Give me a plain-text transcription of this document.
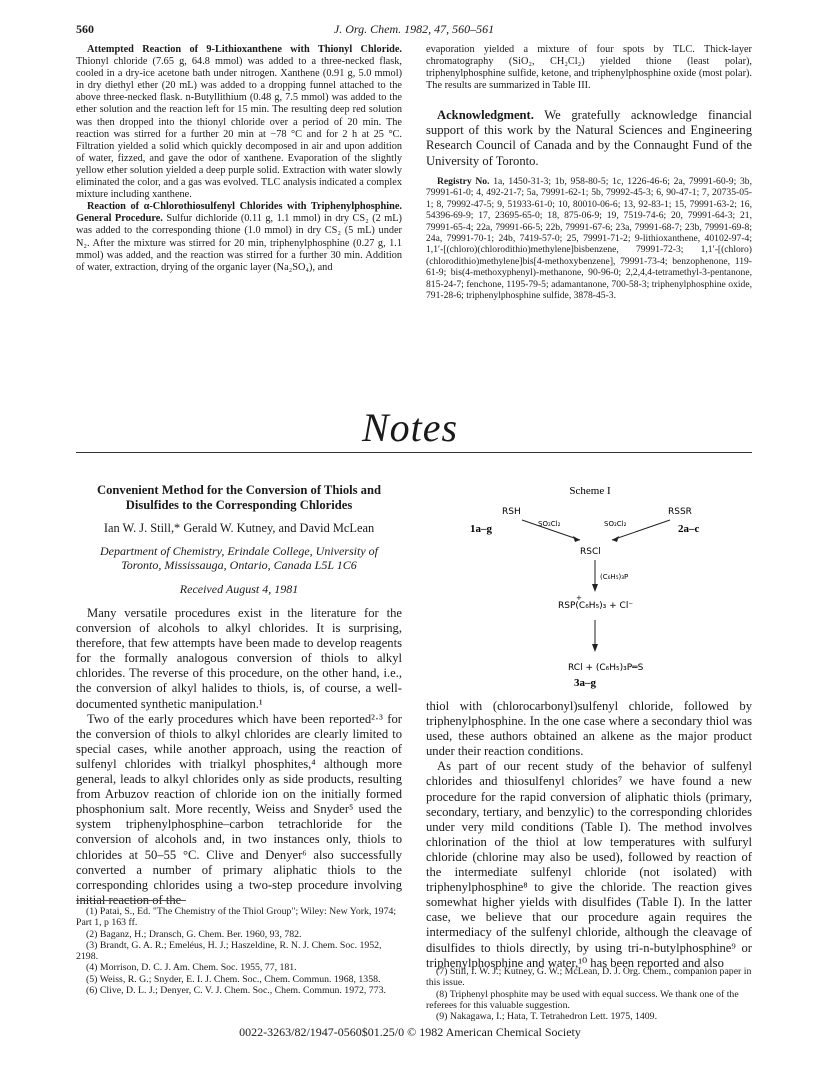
560	J. Org. Chem. 1982, 47, 560–561

Attempted Reaction of 9-Lithioxanthene with Thionyl Chloride. Thionyl chloride (7.65 g, 64.8 mmol) was added to a three-necked flask, cooled in a dry-ice acetone bath under nitrogen. Xanthene (0.91 g, 5.0 mmol) in dry diethyl ether (20 mL) was added to a dropping funnel attached to the above three-necked flask. n-Butyllithium (0.48 g, 7.5 mmol) was added to the ether solution and the reaction left for 15 min. The resulting deep red solution was then dropped into the thionyl chloride over a period of 20 min. The reaction was stirred for a further 20 min at −78 °C and for 2 h at 25 °C. Filtration yielded a solid which quickly decomposed in air and upon addition of water, fizzed, and gave the odor of xanthene. Evaporation of the slightly yellow ether solution yielded a deep purple solid. Extraction with water slowly eliminated the color, and a gas was evolved. TLC analysis indicated a complex mixture including xanthene.

Reaction of α-Chlorothiosulfenyl Chlorides with Triphenylphosphine. General Procedure. Sulfur dichloride (0.11 g, 1.1 mmol) in dry CS₂ (2 mL) was added to the corresponding thione (1.0 mmol) in dry CS₂ (5 mL) under N₂. After the mixture was stirred for 20 min, triphenylphosphine (0.27 g, 1.1 mmol) was added, and the reaction was stirred for a further 30 min. Addition of water, extraction, drying of the organic layer (Na₂SO₄), and

evaporation yielded a mixture of four spots by TLC. Thick-layer chromatography (SiO₂, CH₂Cl₂) yielded thione (least polar), triphenylphosphine sulfide, ketone, and triphenylphosphine oxide (most polar). The results are summarized in Table III.

Acknowledgment. We gratefully acknowledge financial support of this work by the Natural Sciences and Engineering Research Council of Canada and by the Connaught Fund of the University of Toronto.
Registry No. 1a, 1450-31-3; 1b, 958-80-5; 1c, 1226-46-6; 2a, 79991-60-9; 3b, 79991-61-0; 4, 492-21-7; 5a, 79991-62-1; 5b, 79992-45-3; 6, 90-47-1; 7, 20735-05-1; 8, 79992-47-5; 9, 51933-61-0; 10, 80010-06-6; 13, 92-83-1; 15, 79991-63-2; 16, 54396-69-9; 17, 23695-65-0; 18, 875-06-9; 19, 7519-74-6; 20, 79991-64-3; 21, 79991-65-4; 22a, 79991-66-5; 22b, 79991-67-6; 23a, 79991-68-7; 23b, 79991-69-8; 24a, 79991-70-1; 24b, 7419-57-0; 25, 79991-71-2; 9-lithioxanthene, 40102-97-4; 1,1′-[(chloro)(chlorodithio)methylene]bisbenzene, 79991-72-3; 1,1′-[(chloro)(chlorodithio)methylene]bis[4-methoxybenzene], 79991-73-4; benzophenone, 119-61-9; bis(4-methoxyphenyl)-methanone, 90-96-0; 2,2,4,4-tetramethyl-3-pentanone, 815-24-7; fenchone, 1195-79-5; adamantanone, 700-58-3; triphenylphosphine oxide, 791-28-6; triphenylphosphine sulfide, 3878-45-3.
Notes
Convenient Method for the Conversion of Thiols and Disulfides to the Corresponding Chlorides
Ian W. J. Still,* Gerald W. Kutney, and David McLean
Department of Chemistry, Erindale College, University of Toronto, Mississauga, Ontario, Canada L5L 1C6
Received August 4, 1981

Many versatile procedures exist in the literature for the conversion of alcohols to alkyl chlorides. It is surprising, therefore, that few attempts have been made to develop reagents for the formally analogous conversion of thiols to alkyl chlorides. The reverse of this procedure, on the other hand, i.e., the conversion of alkyl halides to thiols, is, of course, a well-documented synthetic manipulation.¹

Two of the early procedures which have been reported²·³ for the conversion of thiols to alkyl chlorides are clearly limited to special cases, while another approach, using the reaction of sulfenyl chlorides with trialkyl phosphites,⁴ although more general, leads to alkyl chlorides only as side products, resulting from Arbuzov reaction of chloride ion on the initially formed phosphonium salt. More recently, Weiss and Snyder⁵ used the system triphenylphosphine–carbon tetrachloride for the conversion of alcohols and, in two instances only, thiols to chlorides at 50–55 °C. Clive and Denyer⁶ also successfully converted a number of primary aliphatic thiols to the corresponding chlorides using a two-step procedure involving initial reaction of the

Scheme I
RSH	RSSR
1a–g	2a–c
SO₂Cl₂	SO₂Cl₂
RSCl
(C₆H₅)₃P
RSP(C₆H₅)₃ + Cl⁻
+
RCl + (C₆H₅)₃P═S
3a–g

thiol with (chlorocarbonyl)sulfenyl chloride, followed by triphenylphosphine. In the one case where a secondary thiol was used, these authors obtained an alkene as the major product under their reaction conditions.

As part of our recent study of the behavior of sulfenyl chlorides and thiosulfenyl chlorides⁷ we have found a new procedure for the rapid conversion of aliphatic thiols (primary, secondary, tertiary, and benzylic) to the corresponding chlorides under very mild conditions (Table I). The method involves chlorination of the thiol at low temperatures with sulfuryl chloride (chlorine may also be used), followed by reaction of the intermediate sulfenyl chloride (not isolated) with triphenylphosphine⁸ to give the chloride. The reaction gives somewhat higher yields with disulfides (Table I). In the latter case, we believe that our procedure again requires the intermediacy of the sulfenyl chloride, although the cleavage of disulfides to thiols directly, by using tri-n-butylphosphine⁹ or triphenylphosphine and water,¹⁰ has been reported and also

(1) Patai, S., Ed. "The Chemistry of the Thiol Group"; Wiley: New York, 1974; Part 1, p 163 ff.

(2) Baganz, H.; Dransch, G. Chem. Ber. 1960, 93, 782.

(3) Brandt, G. A. R.; Emeléus, H. J.; Haszeldine, R. N. J. Chem. Soc. 1952, 2198.

(4) Morrison, D. C. J. Am. Chem. Soc. 1955, 77, 181.

(5) Weiss, R. G.; Snyder, E. I. J. Chem. Soc., Chem. Commun. 1968, 1358.

(6) Clive, D. L. J.; Denyer, C. V. J. Chem. Soc., Chem. Commun. 1972, 773.

(7) Still, I. W. J.; Kutney, G. W.; McLean, D. J. Org. Chem., companion paper in this issue.

(8) Triphenyl phosphite may be used with equal success. We thank one of the referees for this valuable suggestion.

(9) Nakagawa, I.; Hata, T. Tetrahedron Lett. 1975, 1409.

0022-3263/82/1947-0560$01.25/0 © 1982 American Chemical Society
